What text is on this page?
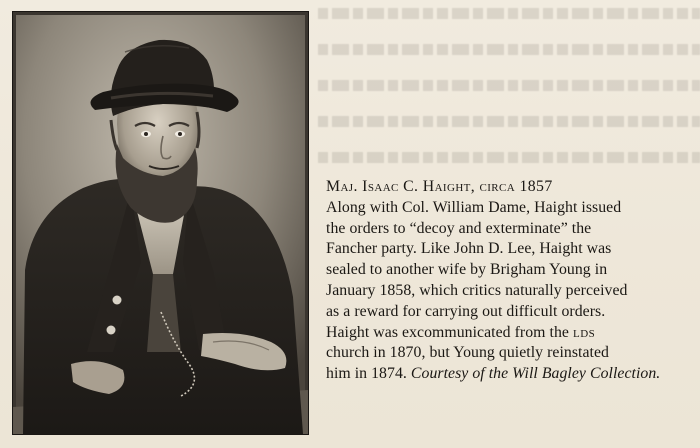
Maj. Isaac C. Haight, circa 1857
Along with Col. William Dame, Haight issued
the orders to “decoy and exterminate” the
Fancher party. Like John D. Lee, Haight was
sealed to another wife by Brigham Young in
January 1858, which critics naturally perceived
as a reward for carrying out difficult orders.
Haight was excommunicated from the lds
church in 1870, but Young quietly reinstated
him in 1874. Courtesy of the Will Bagley Collection.
